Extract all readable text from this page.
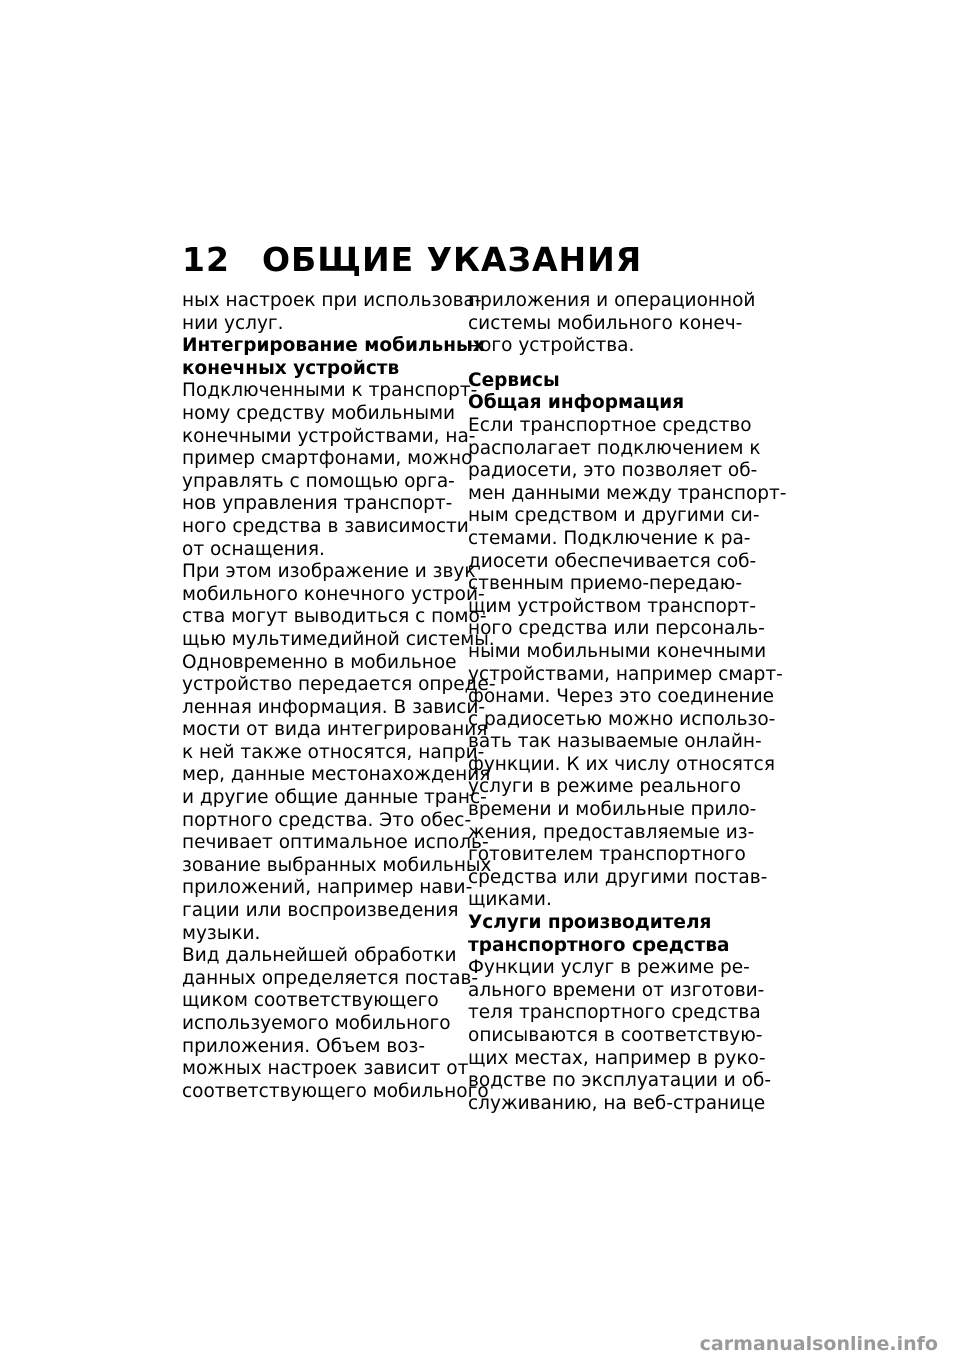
12 ОБЩИЕ УКАЗАНИЯ
ных настроек при использова-
нии услуг.
Интегрирование мобильных
конечных устройств
Подключенными к транспорт-
ному средству мобильными
конечными устройствами, на-
пример смартфонами, можно
управлять с помощью орга-
нов управления транспорт-
ного средства в зависимости
от оснащения.
При этом изображение и звук
мобильного конечного устрой-
ства могут выводиться с помо-
щью мультимедийной системы.
Одновременно в мобильное
устройство передается опреде-
ленная информация. В зависи-
мости от вида интегрирования
к ней также относятся, напри-
мер, данные местонахождения
и другие общие данные транс-
портного средства. Это обес-
печивает оптимальное исполь-
зование выбранных мобильных
приложений, например нави-
гации или воспроизведения
музыки.
Вид дальнейшей обработки
данных определяется постав-
щиком соответствующего
используемого мобильного
приложения. Объем воз-
можных настроек зависит от
соответствующего мобильного
приложения и операционной
системы мобильного конеч-
ного устройства.
Сервисы
Общая информация
Если транспортное средство
располагает подключением к
радиосети, это позволяет об-
мен данными между транспорт-
ным средством и другими си-
стемами. Подключение к ра-
диосети обеспечивается соб-
ственным приемо-передаю-
щим устройством транспорт-
ного средства или персональ-
ными мобильными конечными
устройствами, например смарт-
фонами. Через это соединение
с радиосетью можно использо-
вать так называемые онлайн-
функции. К их числу относятся
услуги в режиме реального
времени и мобильные прило-
жения, предоставляемые из-
готовителем транспортного
средства или другими постав-
щиками.
Услуги производителя
транспортного средства
Функции услуг в режиме ре-
ального времени от изготови-
теля транспортного средства
описываются в соответствую-
щих местах, например в руко-
водстве по эксплуатации и об-
служиванию, на веб-странице
carmanualsonline.info
